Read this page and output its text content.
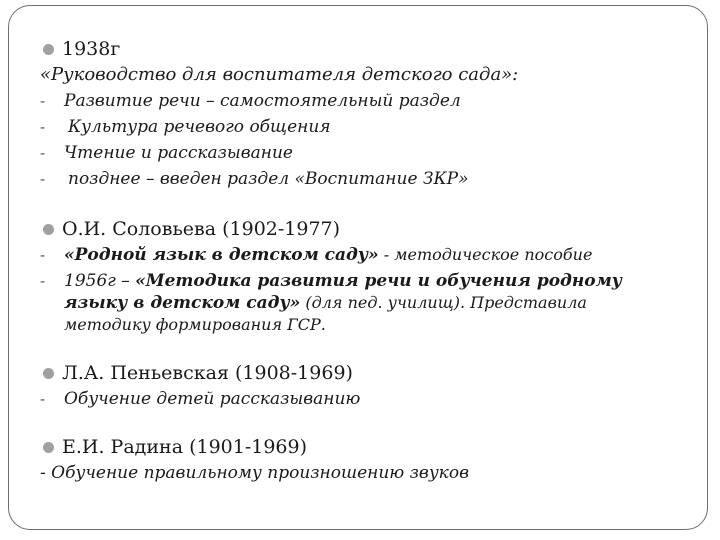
1938г
«Руководство для воспитателя детского сада»:
- Развитие речи – самостоятельный раздел
- Культура речевого общения
- Чтение и рассказывание
- позднее – введен раздел «Воспитание ЗКР»
О.И. Соловьева (1902-1977)
- «Родной язык в детском саду» - методическое пособие
- 1956г – «Методика развития речи и обучения родному языку в детском саду» (для пед. училищ). Представила методику формирования ГСР.
Л.А. Пеньевская (1908-1969)
- Обучение детей рассказыванию
Е.И. Радина (1901-1969)
- Обучение правильному произношению звуков
